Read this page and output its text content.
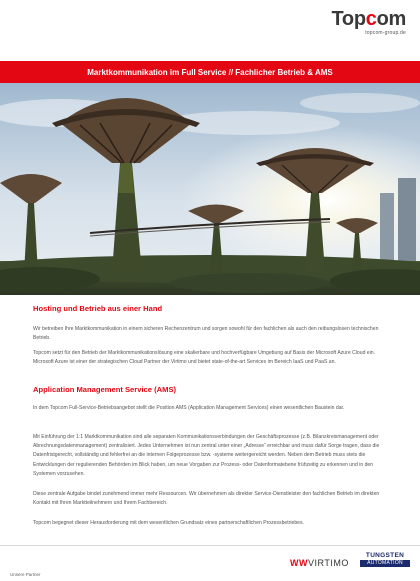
Topcom
topcom-group.de
Marktkommunikation im Full Service // Fachlicher Betrieb & AMS
Hosting und Betrieb aus einer Hand

Wir betreiben Ihre Marktkommunikation in einem sicheren Rechenzentrum und sorgen sowohl für den fachlichen als auch den reibungslosen technischen Betrieb.

Topcom setzt für den Betrieb der Marktkommunikationslösung eine skalierbare und hochverfügbare Umgebung auf Basis der Microsoft Azure Cloud ein. Microsoft Azure ist einer der strategischen Cloud Partner der Virtimo und bietet state-of-the-art Services im Bereich IaaS und PaaS an.

Application Management Service (AMS)

In dem Topcom Full-Service-Betriebsangebot stellt die Position AMS (Application Management Services) einen wesentlichen Baustein dar.

Mit Einführung der 1:1 Marktkommunikation sind alle separaten Kommunikationsverbindungen der Geschäftsprozesse (z.B. Bilanzkreismanagement oder Abrechnungsdatenmanagement) zentralisiert. Jedes Unternehmen ist nun zentral unter einer „Adresse“ erreichbar und muss dafür Sorge tragen, dass die Datenfristgerecht, vollständig und fehlerfrei an die internen Folgeprozesse bzw. -systeme weitergereicht werden. Neben dem Betrieb muss stets die Entwicklungen der regulierenden Behörden im Blick haben, um neue Vorgaben zur Prozess- oder Datenformatebene frühzeitig zu erkennen und in den Systemen vorzusehen.

Diese zentrale Aufgabe bindet zunehmend immer mehr Ressourcen. Wir übernehmen als direkter Service-Dienstleister den fachlichen Betrieb im direkten Kontakt mit Ihren Marktteilnehmern und Ihrem Fachbereich.

Topcom begegnet dieser Herausforderung mit dem wesentlichen Grundsatz eines partnerschaftlichen Prozessbetriebes.

Unsere Partner
WWVIRTIMO
TUNGSTEN
AUTOMATION
